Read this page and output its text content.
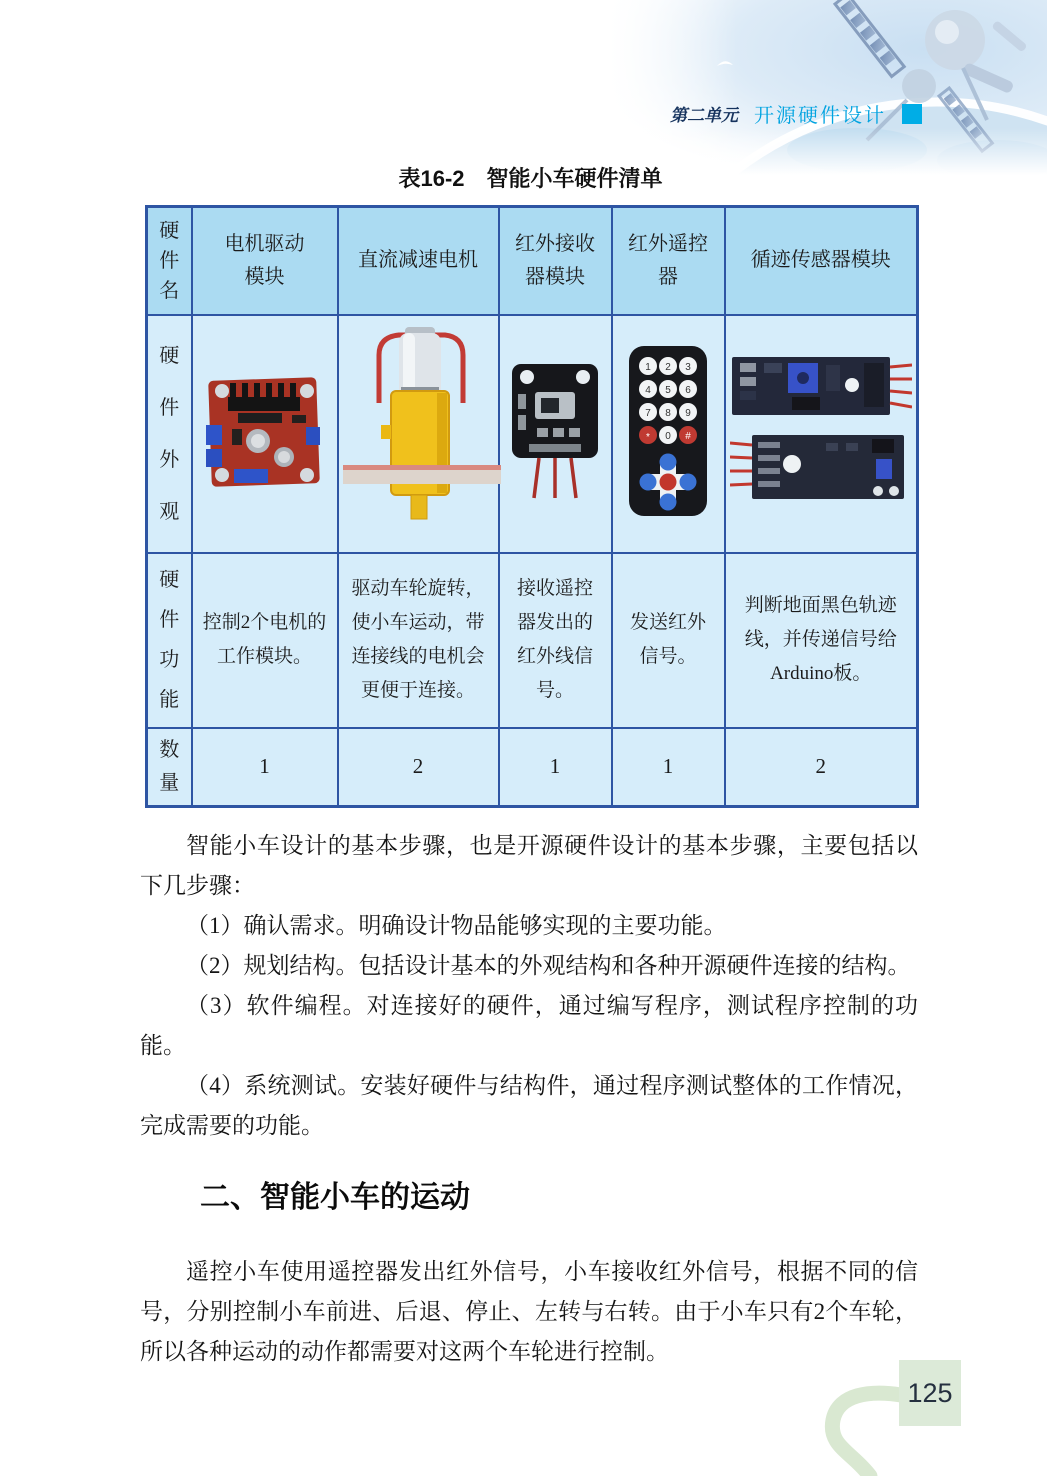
第二单元 开源硬件设计
表16-2　智能小车硬件清单
硬件名	电机驱动模块	直流减速电机	红外接收器模块	红外遥控器	循迹传感器模块

硬件外观

1 2 3
4 5 6
7 8 9
* 0 #

硬件功能	控制2个电机的工作模块。	驱动车轮旋转，使小车运动，带连接线的电机会更便于连接。	接收遥控器发出的红外线信号。	发送红外信号。	判断地面黑色轨迹线，并传递信号给Arduino板。

数量	1	2	1	1	2

智能小车设计的基本步骤，也是开源硬件设计的基本步骤，主要包括以下几步骤：

（1）确认需求。明确设计物品能够实现的主要功能。

（2）规划结构。包括设计基本的外观结构和各种开源硬件连接的结构。

（3）软件编程。对连接好的硬件，通过编写程序，测试程序控制的功能。

（4）系统测试。安装好硬件与结构件，通过程序测试整体的工作情况，完成需要的功能。

二、智能小车的运动

遥控小车使用遥控器发出红外信号，小车接收红外信号，根据不同的信号，分别控制小车前进、后退、停止、左转与右转。由于小车只有2个车轮，所以各种运动的动作都需要对这两个车轮进行控制。

125
